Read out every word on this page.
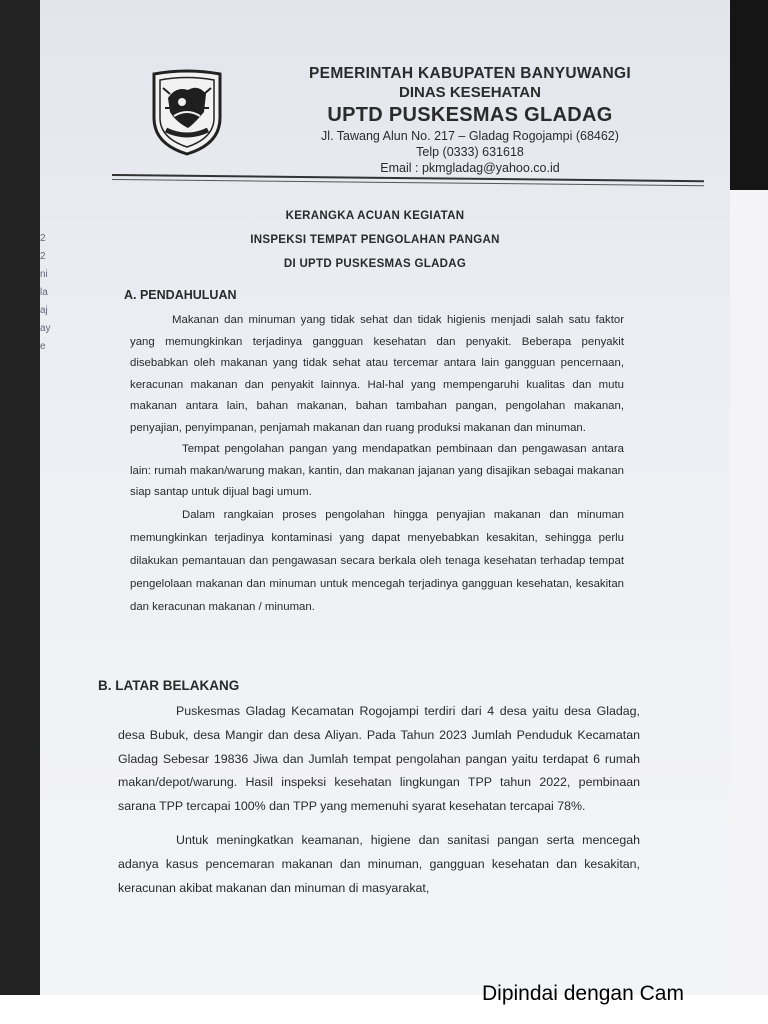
2
2
ni
la
aj
ay
e
PEMERINTAH KABUPATEN BANYUWANGI
DINAS KESEHATAN
UPTD PUSKESMAS GLADAG
Jl. Tawang Alun No. 217 – Gladag Rogojampi (68462)
Telp (0333) 631618
Email : pkmgladag@yahoo.co.id
KERANGKA ACUAN KEGIATAN
INSPEKSI TEMPAT PENGOLAHAN PANGAN
DI UPTD PUSKESMAS GLADAG
A. PENDAHULUAN

Makanan dan minuman yang tidak sehat dan tidak higienis menjadi salah satu faktor yang memungkinkan terjadinya gangguan kesehatan dan penyakit. Beberapa penyakit disebabkan oleh makanan yang tidak sehat atau tercemar antara lain gangguan pencernaan, keracunan makanan dan penyakit lainnya. Hal-hal yang mempengaruhi kualitas dan mutu makanan antara lain, bahan makanan, bahan tambahan pangan, pengolahan makanan, penyajian, penyimpanan, penjamah makanan dan ruang produksi makanan dan minuman.

Tempat pengolahan pangan yang mendapatkan pembinaan dan pengawasan antara lain: rumah makan/warung makan, kantin, dan makanan jajanan yang disajikan sebagai makanan siap santap untuk dijual bagi umum.

Dalam rangkaian proses pengolahan hingga penyajian makanan dan minuman memungkinkan terjadinya kontaminasi yang dapat menyebabkan kesakitan, sehingga perlu dilakukan pemantauan dan pengawasan secara berkala oleh tenaga kesehatan terhadap tempat pengelolaan makanan dan minuman untuk mencegah terjadinya gangguan kesehatan, kesakitan dan keracunan makanan / minuman.

B. LATAR BELAKANG

Puskesmas Gladag Kecamatan Rogojampi terdiri dari 4 desa yaitu desa Gladag, desa Bubuk, desa Mangir dan desa Aliyan. Pada Tahun 2023 Jumlah Penduduk Kecamatan Gladag Sebesar 19836 Jiwa dan Jumlah tempat pengolahan pangan yaitu terdapat 6 rumah makan/depot/warung. Hasil inspeksi kesehatan lingkungan TPP tahun 2022, pembinaan sarana TPP tercapai 100% dan TPP yang memenuhi syarat kesehatan tercapai 78%.

Untuk meningkatkan keamanan, higiene dan sanitasi pangan serta mencegah adanya kasus pencemaran makanan dan minuman, gangguan kesehatan dan kesakitan, keracunan akibat makanan dan minuman di masyarakat,

Dipindai dengan Cam
